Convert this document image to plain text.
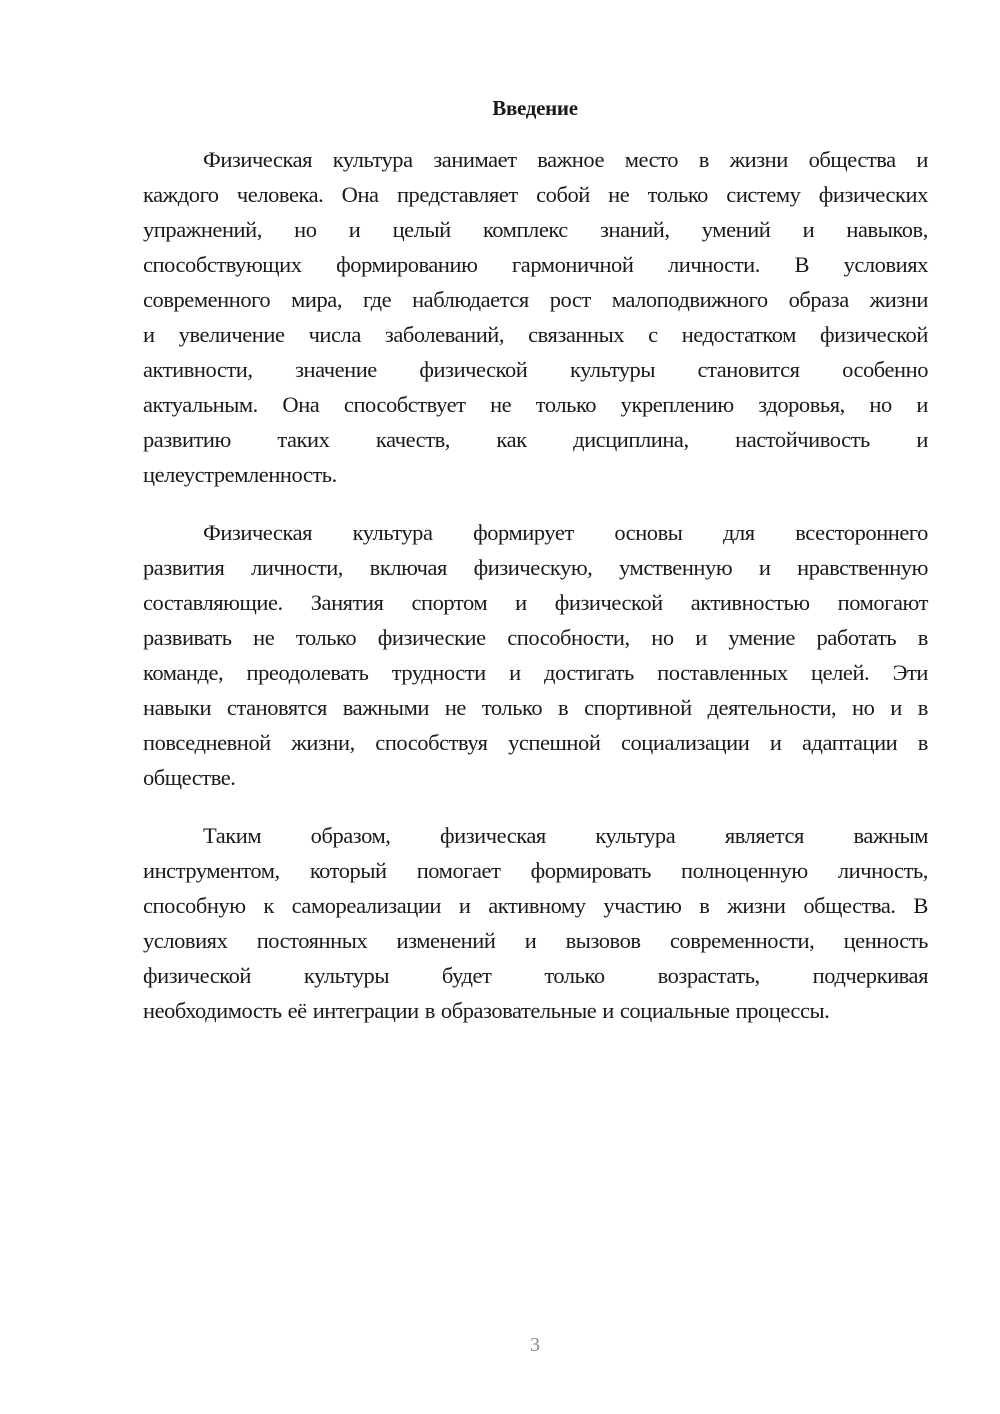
Введение
Физическая культура занимает важное место в жизни общества и
каждого человека. Она представляет собой не только систему физических
упражнений, но и целый комплекс знаний, умений и навыков,
способствующих формированию гармоничной личности. В условиях
современного мира, где наблюдается рост малоподвижного образа жизни
и увеличение числа заболеваний, связанных с недостатком физической
активности, значение физической культуры становится особенно
актуальным. Она способствует не только укреплению здоровья, но и
развитию таких качеств, как дисциплина, настойчивость и
целеустремленность.
Физическая культура формирует основы для всестороннего
развития личности, включая физическую, умственную и нравственную
составляющие. Занятия спортом и физической активностью помогают
развивать не только физические способности, но и умение работать в
команде, преодолевать трудности и достигать поставленных целей. Эти
навыки становятся важными не только в спортивной деятельности, но и в
повседневной жизни, способствуя успешной социализации и адаптации в
обществе.
Таким образом, физическая культура является важным
инструментом, который помогает формировать полноценную личность,
способную к самореализации и активному участию в жизни общества. В
условиях постоянных изменений и вызовов современности, ценность
физической культуры будет только возрастать, подчеркивая
необходимость её интеграции в образовательные и социальные процессы.
3
